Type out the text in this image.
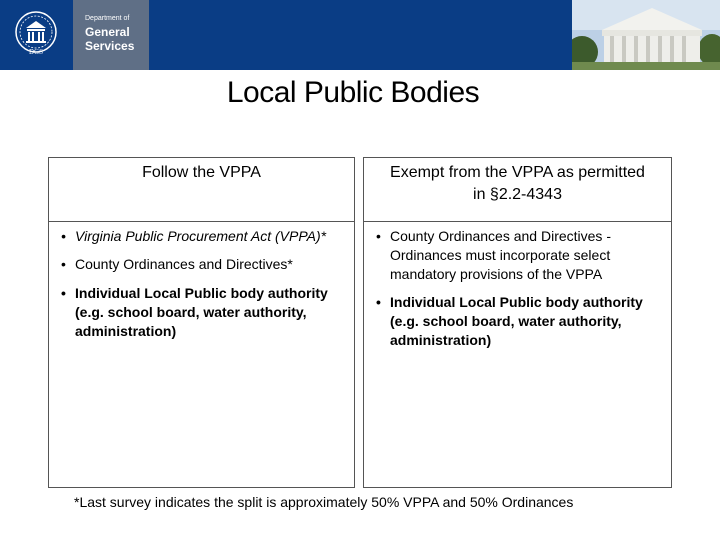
DGS
Department of
General
Services
Local Public Bodies
Follow the VPPA	Exempt from the VPPA as permitted in §2.2-4343
• Virginia Public Procurement Act (VPPA)*
• County Ordinances and Directives*
• Individual Local Public body authority (e.g. school board, water authority, administration)
• County Ordinances and Directives - Ordinances must incorporate select mandatory provisions of the VPPA
• Individual Local Public body authority (e.g. school board, water authority, administration)
*Last survey indicates the split is approximately 50% VPPA and 50% Ordinances
